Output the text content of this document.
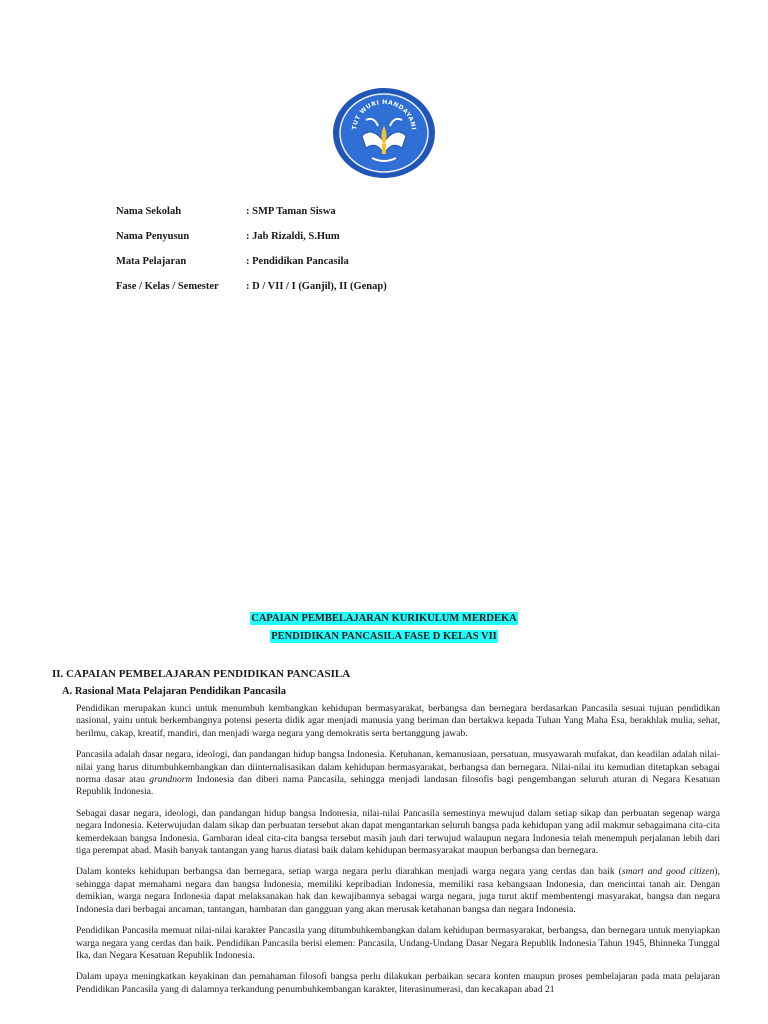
TUT WURI HANDAYANI
Nama Sekolah	: SMP Taman Siswa
Nama Penyusun	: Jab Rizaldi, S.Hum
Mata Pelajaran	: Pendidikan Pancasila
Fase / Kelas / Semester	: D / VII / I (Ganjil), II (Genap)
CAPAIAN PEMBELAJARAN KURIKULUM MERDEKA
PENDIDIKAN PANCASILA FASE D KELAS VII
II. CAPAIAN PEMBELAJARAN PENDIDIKAN PANCASILA
A. Rasional Mata Pelajaran Pendidikan Pancasila

Pendidikan merupakan kunci untuk menumbuh kembangkan kehidupan bermasyarakat, berbangsa dan bernegara berdasarkan Pancasila sesuai tujuan pendidikan nasional, yaitu untuk berkembangnya potensi peserta didik agar menjadi manusia yang beriman dan bertakwa kepada Tuhan Yang Maha Esa, berakhlak mulia, sehat, berilmu, cakap, kreatif, mandiri, dan menjadi warga negara yang demokratis serta bertanggung jawab.

Pancasila adalah dasar negara, ideologi, dan pandangan hidup bangsa Indonesia. Ketuhanan, kemanusiaan, persatuan, musyawarah mufakat, dan keadilan adalah nilai-nilai yang harus ditumbuhkembangkan dan diinternalisasikan dalam kehidupan bermasyarakat, berbangsa dan bernegara. Nilai-nilai itu kemudian ditetapkan sebagai norma dasar atau grundnorm Indonesia dan diberi nama Pancasila, sehingga menjadi landasan filosofis bagi pengembangan seluruh aturan di Negara Kesatuan Republik Indonesia.

Sebagai dasar negara, ideologi, dan pandangan hidup bangsa Indonesia, nilai-nilai Pancasila semestinya mewujud dalam setiap sikap dan perbuatan segenap warga negara Indonesia. Keterwujudan dalam sikap dan perbuatan tersebut akan dapat mengantarkan seluruh bangsa pada kehidupan yang adil makmur sebagaimana cita-cita kemerdekaan bangsa Indonesia. Gambaran ideal cita-cita bangsa tersebut masih jauh dari terwujud walaupun negara Indonesia telah menempuh perjalanan lebih dari tiga perempat abad. Masih banyak tantangan yang harus diatasi baik dalam kehidupan bermasyarakat maupun berbangsa dan bernegara.

Dalam konteks kehidupan berbangsa dan bernegara, setiap warga negara perlu diarahkan menjadi warga negara yang cerdas dan baik (smart and good citizen), sehingga dapat memahami negara dan bangsa Indonesia, memiliki kepribadian Indonesia, memiliki rasa kebangsaan Indonesia, dan mencintai tanah air. Dengan demikian, warga negara Indonesia dapat melaksanakan hak dan kewajibannya sebagai warga negara, juga turut aktif membentengi masyarakat, bangsa dan negara Indonesia dari berbagai ancaman, tantangan, hambatan dan gangguan yang akan merusak ketahanan bangsa dan negara Indonesia.

Pendidikan Pancasila memuat nilai-nilai karakter Pancasila yang ditumbuhkembangkan dalam kehidupan bermasyarakat, berbangsa, dan bernegara untuk menyiapkan warga negara yang cerdas dan baik. Pendidikan Pancasila berisi elemen: Pancasila, Undang-Undang Dasar Negara Republik Indonesia Tahun 1945, Bhinneka Tunggal Ika, dan Negara Kesatuan Republik Indonesia.

Dalam upaya meningkatkan keyakinan dan pemahaman filosofi bangsa perlu dilakukan perbaikan secara konten maupun proses pembelajaran pada mata pelajaran Pendidikan Pancasila yang di dalamnya terkandung penumbuhkembangan karakter, literasinumerasi, dan kecakapan abad 21
